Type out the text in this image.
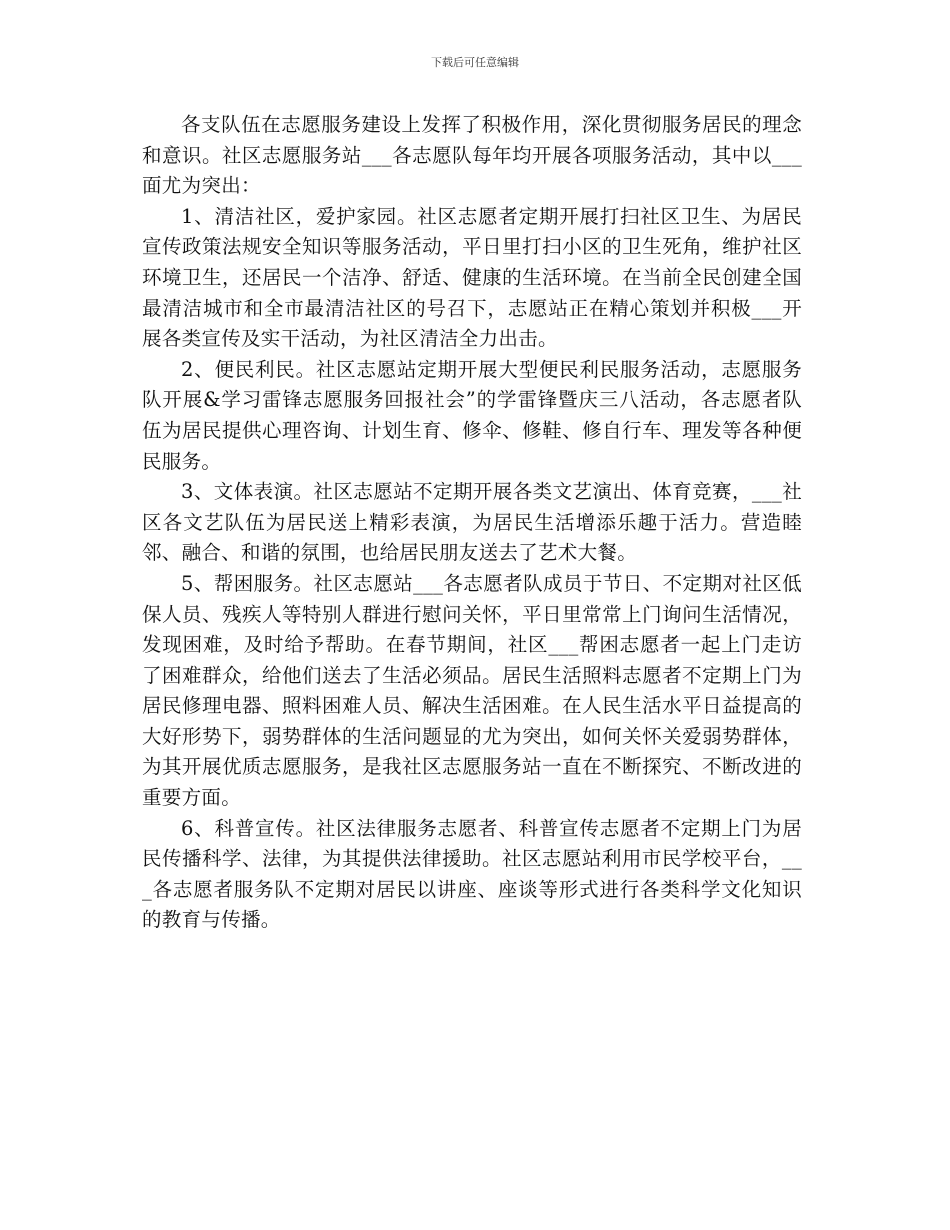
下载后可任意编辑

各支队伍在志愿服务建设上发挥了积极作用，深化贯彻服务居民的理念和意识。社区志愿服务站___各志愿队每年均开展各项服务活动，其中以___面尤为突出：

1、清洁社区，爱护家园。社区志愿者定期开展打扫社区卫生、为居民宣传政策法规安全知识等服务活动，平日里打扫小区的卫生死角，维护社区环境卫生，还居民一个洁净、舒适、健康的生活环境。在当前全民创建全国最清洁城市和全市最清洁社区的号召下，志愿站正在精心策划并积极___开展各类宣传及实干活动，为社区清洁全力出击。

2、便民利民。社区志愿站定期开展大型便民利民服务活动，志愿服务队开展&学习雷锋志愿服务回报社会”的学雷锋暨庆三八活动，各志愿者队伍为居民提供心理咨询、计划生育、修伞、修鞋、修自行车、理发等各种便民服务。

3、文体表演。社区志愿站不定期开展各类文艺演出、体育竞赛，___社区各文艺队伍为居民送上精彩表演，为居民生活增添乐趣于活力。营造睦邻、融合、和谐的氛围，也给居民朋友送去了艺术大餐。

5、帮困服务。社区志愿站___各志愿者队成员于节日、不定期对社区低保人员、残疾人等特别人群进行慰问关怀，平日里常常上门询问生活情况，发现困难，及时给予帮助。在春节期间，社区___帮困志愿者一起上门走访了困难群众，给他们送去了生活必须品。居民生活照料志愿者不定期上门为居民修理电器、照料困难人员、解决生活困难。在人民生活水平日益提高的大好形势下，弱势群体的生活问题显的尤为突出，如何关怀关爱弱势群体，为其开展优质志愿服务，是我社区志愿服务站一直在不断探究、不断改进的重要方面。

6、科普宣传。社区法律服务志愿者、科普宣传志愿者不定期上门为居民传播科学、法律，为其提供法律援助。社区志愿站利用市民学校平台，___各志愿者服务队不定期对居民以讲座、座谈等形式进行各类科学文化知识的教育与传播。
